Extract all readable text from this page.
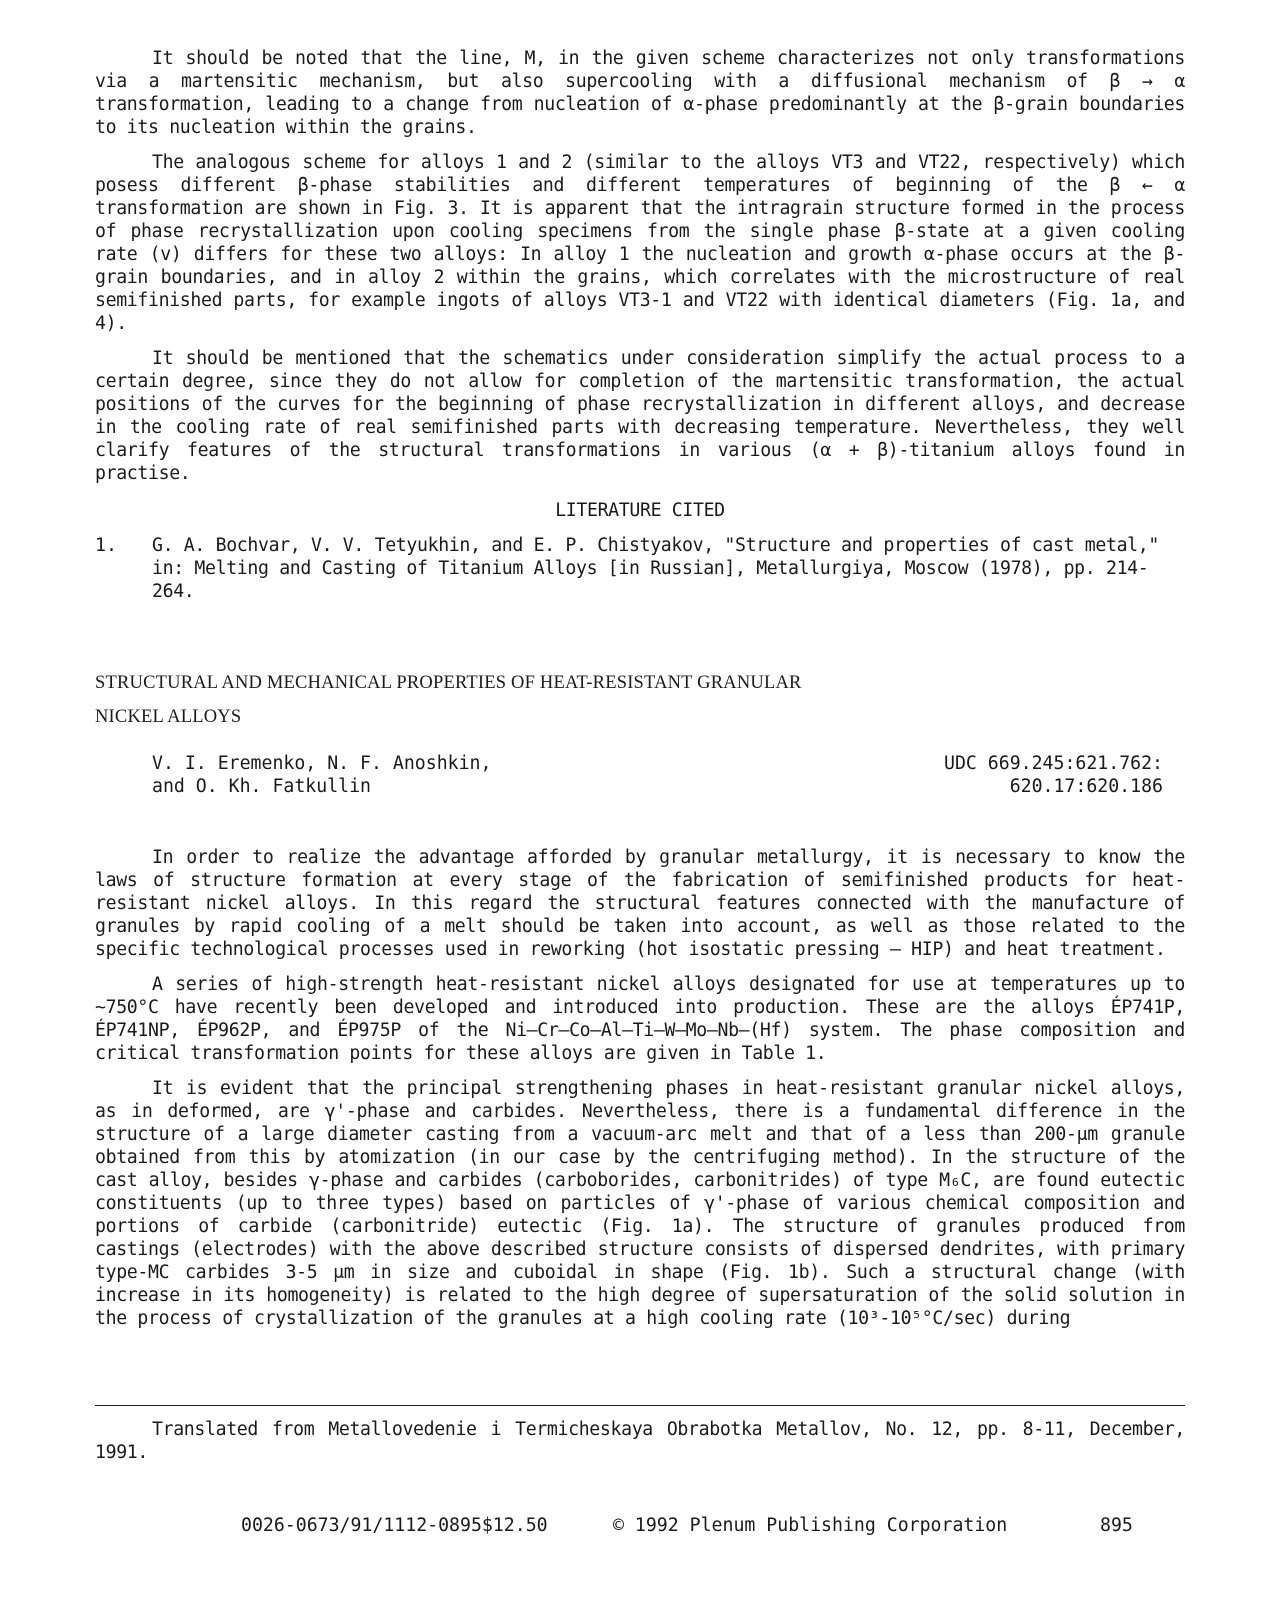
It should be noted that the line, M, in the given scheme characterizes not only transformations via a martensitic mechanism, but also supercooling with a diffusional mechanism of β → α transformation, leading to a change from nucleation of α-phase predominantly at the β-grain boundaries to its nucleation within the grains.

The analogous scheme for alloys 1 and 2 (similar to the alloys VT3 and VT22, respectively) which posess different β-phase stabilities and different temperatures of beginning of the β ← α transformation are shown in Fig. 3. It is apparent that the intragrain structure formed in the process of phase recrystallization upon cooling specimens from the single phase β-state at a given cooling rate (v) differs for these two alloys: In alloy 1 the nucleation and growth α-phase occurs at the β-grain boundaries, and in alloy 2 within the grains, which correlates with the microstructure of real semifinished parts, for example ingots of alloys VT3-1 and VT22 with identical diameters (Fig. 1a, and 4).

It should be mentioned that the schematics under consideration simplify the actual process to a certain degree, since they do not allow for completion of the martensitic transformation, the actual positions of the curves for the beginning of phase recrystallization in different alloys, and decrease in the cooling rate of real semifinished parts with decreasing temperature. Nevertheless, they well clarify features of the structural transformations in various (α + β)-titanium alloys found in practise.

LITERATURE CITED

1.	G. A. Bochvar, V. V. Tetyukhin, and E. P. Chistyakov, "Structure and properties of cast metal," in: Melting and Casting of Titanium Alloys [in Russian], Metallurgiya, Moscow (1978), pp. 214-264.
STRUCTURAL AND MECHANICAL PROPERTIES OF HEAT-RESISTANT GRANULAR
NICKEL ALLOYS
V. I. Eremenko, N. F. Anoshkin,
and O. Kh. Fatkullin
UDC 669.245:621.762:
620.17:620.186

In order to realize the advantage afforded by granular metallurgy, it is necessary to know the laws of structure formation at every stage of the fabrication of semifinished products for heat-resistant nickel alloys. In this regard the structural features connected with the manufacture of granules by rapid cooling of a melt should be taken into account, as well as those related to the specific technological processes used in reworking (hot isostatic pressing — HIP) and heat treatment.

A series of high-strength heat-resistant nickel alloys designated for use at temperatures up to ~750°C have recently been developed and introduced into production. These are the alloys ÉP741P, ÉP741NP, ÉP962P, and ÉP975P of the Ni–Cr–Co–Al–Ti–W–Mo–Nb–(Hf) system. The phase composition and critical transformation points for these alloys are given in Table 1.

It is evident that the principal strengthening phases in heat-resistant granular nickel alloys, as in deformed, are γ'-phase and carbides. Nevertheless, there is a fundamental difference in the structure of a large diameter casting from a vacuum-arc melt and that of a less than 200-μm granule obtained from this by atomization (in our case by the centrifuging method). In the structure of the cast alloy, besides γ-phase and carbides (carboborides, carbonitrides) of type M₆C, are found eutectic constituents (up to three types) based on particles of γ'-phase of various chemical composition and portions of carbide (carbonitride) eutectic (Fig. 1a). The structure of granules produced from castings (electrodes) with the above described structure consists of dispersed dendrites, with primary type-MC carbides 3-5 μm in size and cuboidal in shape (Fig. 1b). Such a structural change (with increase in its homogeneity) is related to the high degree of supersaturation of the solid solution in the process of crystallization of the granules at a high cooling rate (10³-10⁵°C/sec) during

Translated from Metallovedenie i Termicheskaya Obrabotka Metallov, No. 12, pp. 8-11, December, 1991.

0026-0673/91/1112-0895$12.50	© 1992 Plenum Publishing Corporation	895
